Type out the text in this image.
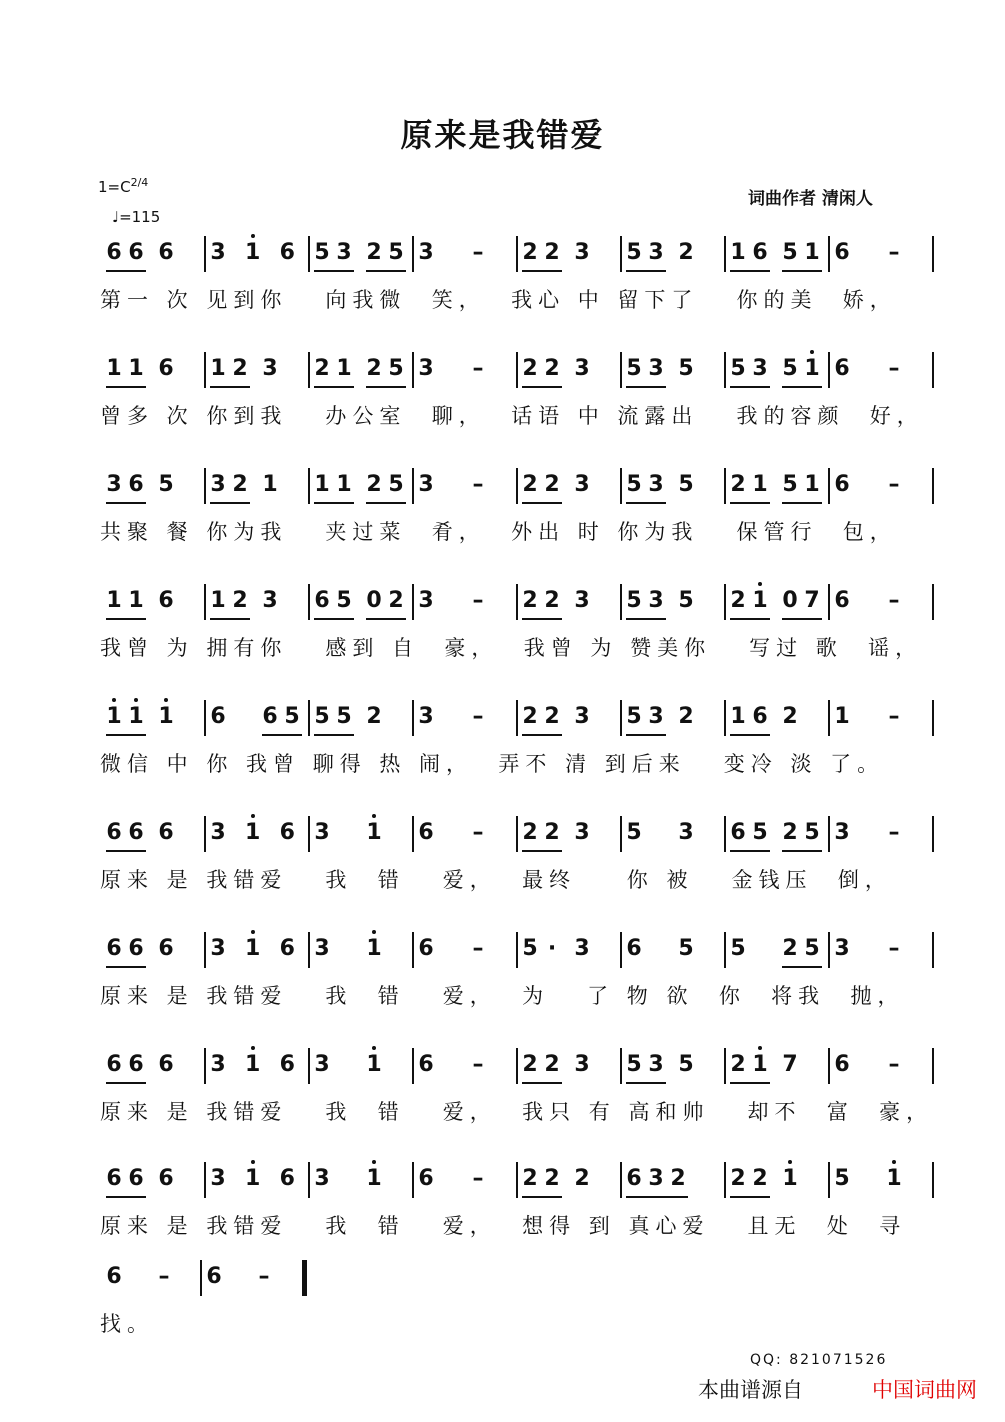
原来是我错爱
$1=C^{2/4}$
♩=115
词曲作者 清闲人
6 6 6 3 1 6 5 3 2 5 3 – 2 2 3 5 3 2 1 6 5 1 6 –
第一 次 见到你   向我微  笑，  我心 中 留下了   你的美  娇，
1 1 6 1 2 3 2 1 2 5 3 – 2 2 3 5 3 5 5 3 5 1 6 –
曾多 次 你到我   办公室  聊，  话语 中 流露出   我的容颜  好，
3 6 5 3 2 1 1 1 2 5 3 – 2 2 3 5 3 5 2 1 5 1 6 –
共聚 餐 你为我   夹过菜  肴，  外出 时 你为我   保管行  包，
1 1 6 1 2 3 6 5 0 2 3 – 2 2 3 5 3 5 2 1 0 7 6 –
我曾 为 拥有你   感到 自  豪，  我曾 为 赞美你   写过 歌  谣，
1 1 1 6 6 5 5 5 2 3 – 2 2 3 5 3 2 1 6 2 1 –
微信 中 你 我曾 聊得 热 闹，  弄不 清 到后来   变冷 淡 了。
6 6 6 3 1 6 3 1 6 – 2 2 3 5 3 6 5 2 5 3 –
原来 是 我错爱   我  错   爱，  最终    你 被   金钱压  倒，
6 6 6 3 1 6 3 1 6 – 5 · 3 6 5 5 2 5 3 –
原来 是 我错爱   我  错   爱，  为   了 物 欲  你  将我  抛，
6 6 6 3 1 6 3 1 6 – 2 2 3 5 3 5 2 1 7 6 –
原来 是 我错爱   我  错   爱，  我只 有 高和帅   却不  富  豪，
6 6 6 3 1 6 3 1 6 – 2 2 2 6 3 2 2 2 1 5 1
原来 是 我错爱   我  错   爱，  想得 到 真心爱   且无  处  寻
6 – 6 –
找。
QQ: 821071526
本曲谱源自	中国词曲网
